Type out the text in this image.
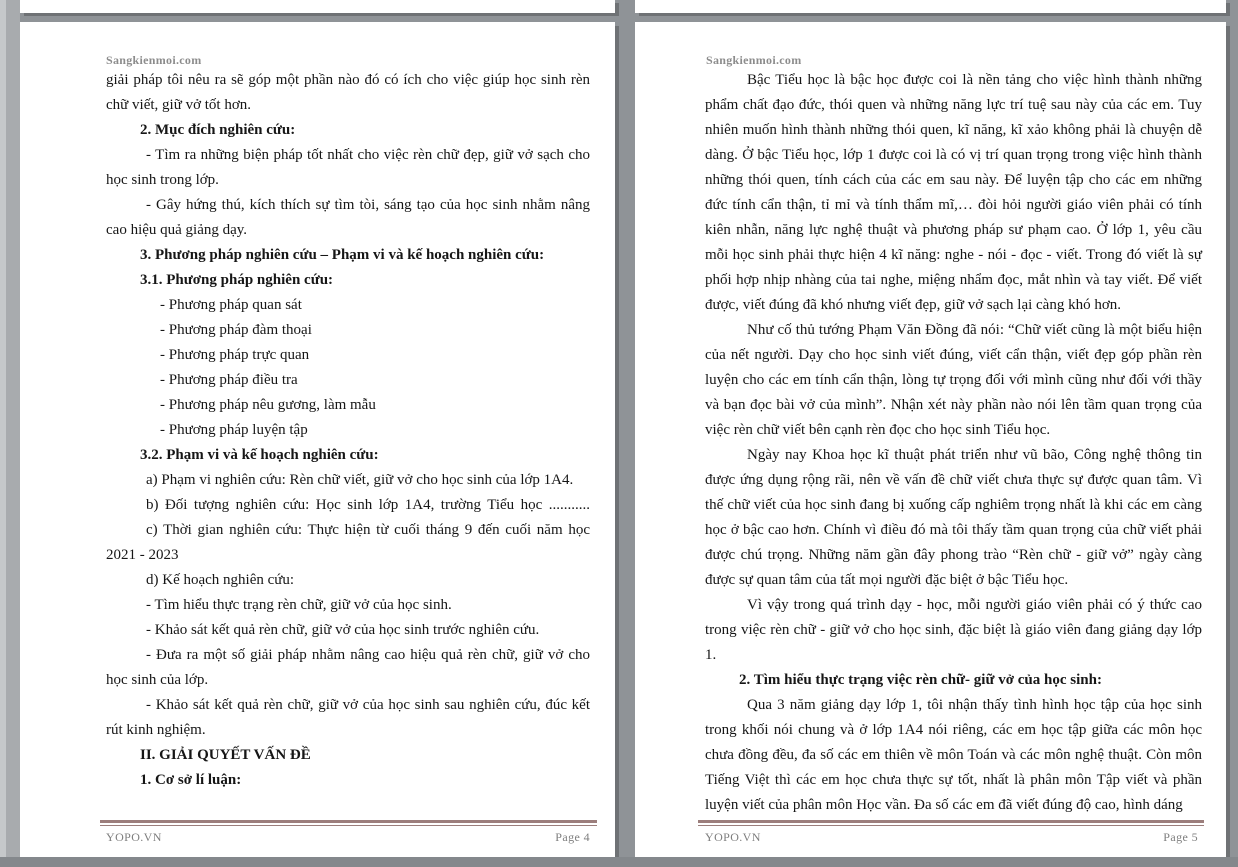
Sangkienmoi.com

giải pháp tôi nêu ra sẽ góp một phần nào đó có ích cho việc giúp học sinh rèn chữ viết, giữ vở tốt hơn.

2. Mục đích nghiên cứu:

- Tìm ra những biện pháp tốt nhất cho việc rèn chữ đẹp, giữ vở sạch cho học sinh trong lớp.

- Gây hứng thú, kích thích sự tìm tòi, sáng tạo của học sinh nhằm nâng cao hiệu quả giảng dạy.

3. Phương pháp nghiên cứu – Phạm vi và kế hoạch nghiên cứu:

3.1. Phương pháp nghiên cứu:

- Phương pháp quan sát

- Phương pháp đàm thoại

- Phương pháp trực quan

- Phương pháp điều tra

- Phương pháp nêu gương, làm mẫu

- Phương pháp luyện tập

3.2. Phạm vi và kế hoạch nghiên cứu:

a) Phạm vi nghiên cứu: Rèn chữ viết, giữ vở cho học sinh của lớp 1A4.

b) Đối tượng nghiên cứu: Học sinh lớp 1A4, trường Tiểu học ...........

c) Thời gian nghiên cứu: Thực hiện từ cuối tháng 9 đến cuối năm học 2021 - 2023

d) Kế hoạch nghiên cứu:

- Tìm hiểu thực trạng rèn chữ, giữ vở của học sinh.

- Khảo sát kết quả rèn chữ, giữ vở của học sinh trước nghiên cứu.

- Đưa ra một số giải pháp nhằm nâng cao hiệu quả rèn chữ, giữ vở cho học sinh của lớp.

- Khảo sát kết quả rèn chữ, giữ vở của học sinh sau nghiên cứu, đúc kết rút kinh nghiệm.

II. GIẢI QUYẾT VẤN ĐỀ

1. Cơ sở lí luận:

YOPO.VN	Page 4
Sangkienmoi.com

Bậc Tiểu học là bậc học được coi là nền tảng cho việc hình thành những phẩm chất đạo đức, thói quen và những năng lực trí tuệ sau này của các em. Tuy nhiên muốn hình thành những thói quen, kĩ năng, kĩ xảo không phải là chuyện dễ dàng. Ở bậc Tiểu học, lớp 1 được coi là có vị trí quan trọng trong việc hình thành những thói quen, tính cách của các em sau này. Để luyện tập cho các em những đức tính cẩn thận, tỉ mỉ và tính thẩm mĩ,… đòi hỏi người giáo viên phải có tính kiên nhẫn, năng lực nghệ thuật và phương pháp sư phạm cao. Ở lớp 1, yêu cầu mỗi học sinh phải thực hiện 4 kĩ năng: nghe - nói - đọc - viết. Trong đó viết là sự phối hợp nhịp nhàng của tai nghe, miệng nhẩm đọc, mắt nhìn và tay viết. Để viết được, viết đúng đã khó nhưng viết đẹp, giữ vở sạch lại càng khó hơn.

Như cố thủ tướng Phạm Văn Đồng đã nói: “Chữ viết cũng là một biểu hiện của nết người. Dạy cho học sinh viết đúng, viết cẩn thận, viết đẹp góp phần rèn luyện cho các em tính cẩn thận, lòng tự trọng đối với mình cũng như đối với thầy và bạn đọc bài vở của mình”. Nhận xét này phần nào nói lên tầm quan trọng của việc rèn chữ viết bên cạnh rèn đọc cho học sinh Tiểu học.

Ngày nay Khoa học kĩ thuật phát triển như vũ bão, Công nghệ thông tin được ứng dụng rộng rãi, nên về vấn đề chữ viết chưa thực sự được quan tâm. Vì thế chữ viết của học sinh đang bị xuống cấp nghiêm trọng nhất là khi các em càng học ở bậc cao hơn. Chính vì điều đó mà tôi thấy tầm quan trọng của chữ viết phải được chú trọng. Những năm gần đây phong trào “Rèn chữ - giữ vở” ngày càng được sự quan tâm của tất mọi người đặc biệt ở bậc Tiểu học.

Vì vậy trong quá trình dạy - học, mỗi người giáo viên phải có ý thức cao trong việc rèn chữ - giữ vở cho học sinh, đặc biệt là giáo viên đang giảng dạy lớp 1.

2. Tìm hiểu thực trạng việc rèn chữ- giữ vở của học sinh:

Qua 3 năm giảng dạy lớp 1, tôi nhận thấy tình hình học tập của học sinh trong khối nói chung và ở lớp 1A4 nói riêng, các em học tập giữa các môn học chưa đồng đều, đa số các em thiên về môn Toán và các môn nghệ thuật. Còn môn Tiếng Việt thì các em học chưa thực sự tốt, nhất là phân môn Tập viết và phần luyện viết của phân môn Học vần. Đa số các em đã viết đúng độ cao, hình dáng

YOPO.VN	Page 5
